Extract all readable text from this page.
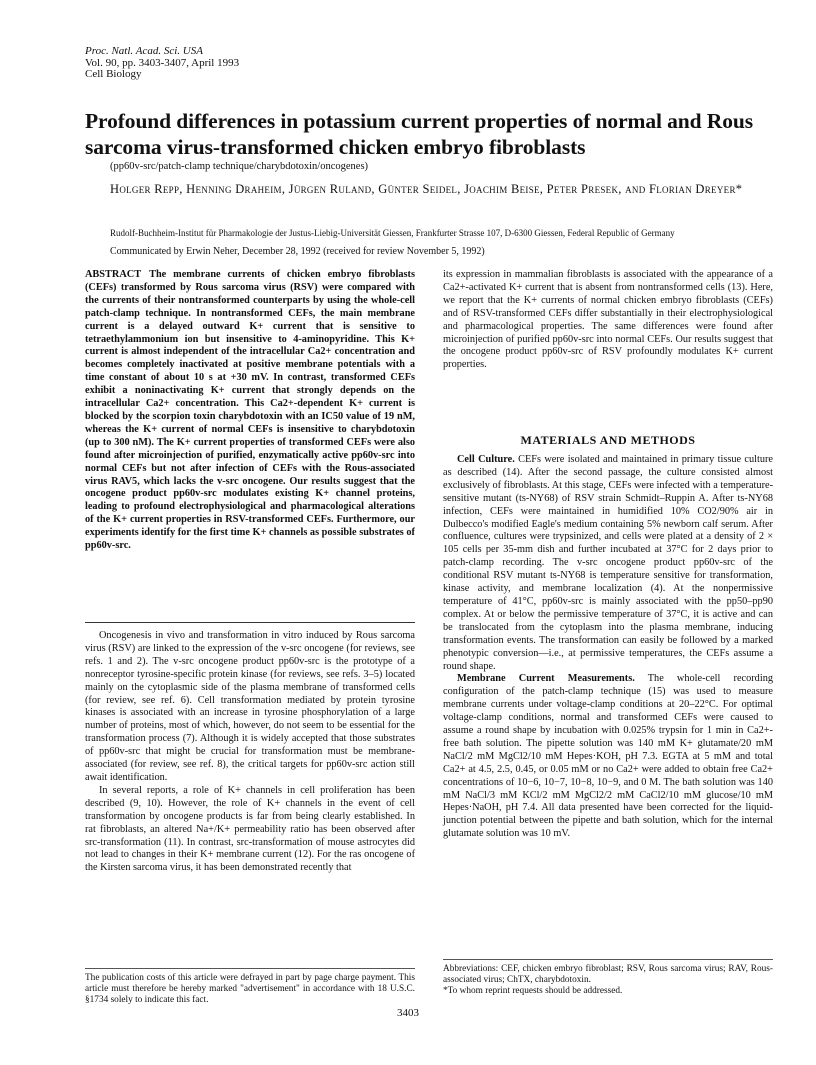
Proc. Natl. Acad. Sci. USA
Vol. 90, pp. 3403-3407, April 1993
Cell Biology
Profound differences in potassium current properties of normal and Rous sarcoma virus-transformed chicken embryo fibroblasts
(pp60v-src/patch-clamp technique/charybdotoxin/oncogenes)
Holger Repp, Henning Draheim, Jürgen Ruland, Günter Seidel, Joachim Beise, Peter Presek, and Florian Dreyer*
Rudolf-Buchheim-Institut für Pharmakologie der Justus-Liebig-Universität Giessen, Frankfurter Strasse 107, D-6300 Giessen, Federal Republic of Germany
Communicated by Erwin Neher, December 28, 1992 (received for review November 5, 1992)
ABSTRACT The membrane currents of chicken embryo fibroblasts (CEFs) transformed by Rous sarcoma virus (RSV) were compared with the currents of their nontransformed counterparts by using the whole-cell patch-clamp technique. In nontransformed CEFs, the main membrane current is a delayed outward K+ current that is sensitive to tetraethylammonium ion but insensitive to 4-aminopyridine. This K+ current is almost independent of the intracellular Ca2+ concentration and becomes completely inactivated at positive membrane potentials with a time constant of about 10 s at +30 mV. In contrast, transformed CEFs exhibit a noninactivating K+ current that strongly depends on the intracellular Ca2+ concentration. This Ca2+-dependent K+ current is blocked by the scorpion toxin charybdotoxin with an IC50 value of 19 nM, whereas the K+ current of normal CEFs is insensitive to charybdotoxin (up to 300 nM). The K+ current properties of transformed CEFs were also found after microinjection of purified, enzymatically active pp60v-src into normal CEFs but not after infection of CEFs with the Rous-associated virus RAV5, which lacks the v-src oncogene. Our results suggest that the oncogene product pp60v-src modulates existing K+ channel proteins, leading to profound electrophysiological and pharmacological alterations of the K+ current properties in RSV-transformed CEFs. Furthermore, our experiments identify for the first time K+ channels as possible substrates of pp60v-src.

Oncogenesis in vivo and transformation in vitro induced by Rous sarcoma virus (RSV) are linked to the expression of the v-src oncogene (for reviews, see refs. 1 and 2). The v-src oncogene product pp60v-src is the prototype of a nonreceptor tyrosine-specific protein kinase (for reviews, see refs. 3–5) located mainly on the cytoplasmic side of the plasma membrane of transformed cells (for review, see ref. 6). Cell transformation mediated by protein tyrosine kinases is associated with an increase in tyrosine phosphorylation of a large number of proteins, most of which, however, do not seem to be essential for the transformation process (7). Although it is widely accepted that those substrates of pp60v-src that might be crucial for transformation must be membrane-associated (for review, see ref. 8), the critical targets for pp60v-src action still await identification.

In several reports, a role of K+ channels in cell proliferation has been described (9, 10). However, the role of K+ channels in the event of cell transformation by oncogene products is far from being clearly established. In rat fibroblasts, an altered Na+/K+ permeability ratio has been observed after src-transformation (11). In contrast, src-transformation of mouse astrocytes did not lead to changes in their K+ membrane current (12). For the ras oncogene of the Kirsten sarcoma virus, it has been demonstrated recently that

The publication costs of this article were defrayed in part by page charge payment. This article must therefore be hereby marked "advertisement" in accordance with 18 U.S.C. §1734 solely to indicate this fact.

its expression in mammalian fibroblasts is associated with the appearance of a Ca2+-activated K+ current that is absent from nontransformed cells (13). Here, we report that the K+ currents of normal chicken embryo fibroblasts (CEFs) and of RSV-transformed CEFs differ substantially in their electrophysiological and pharmacological properties. The same differences were found after microinjection of purified pp60v-src into normal CEFs. Our results suggest that the oncogene product pp60v-src of RSV profoundly modulates K+ current properties.

MATERIALS AND METHODS

Cell Culture. CEFs were isolated and maintained in primary tissue culture as described (14). After the second passage, the culture consisted almost exclusively of fibroblasts. At this stage, CEFs were infected with a temperature-sensitive mutant (ts-NY68) of RSV strain Schmidt–Ruppin A. After ts-NY68 infection, CEFs were maintained in humidified 10% CO2/90% air in Dulbecco's modified Eagle's medium containing 5% newborn calf serum. After confluence, cultures were trypsinized, and cells were plated at a density of 2 × 105 cells per 35-mm dish and further incubated at 37°C for 2 days prior to patch-clamp recording. The v-src oncogene product pp60v-src of the conditional RSV mutant ts-NY68 is temperature sensitive for transformation, kinase activity, and membrane localization (4). At the nonpermissive temperature of 41°C, pp60v-src is mainly associated with the pp50–pp90 complex. At or below the permissive temperature of 37°C, it is active and can be translocated from the cytoplasm into the plasma membrane, inducing transformation events. The transformation can easily be followed by a marked phenotypic conversion—i.e., at permissive temperatures, the CEFs assume a round shape.

Membrane Current Measurements. The whole-cell recording configuration of the patch-clamp technique (15) was used to measure membrane currents under voltage-clamp conditions at 20–22°C. For optimal voltage-clamp conditions, normal and transformed CEFs were caused to assume a round shape by incubation with 0.025% trypsin for 1 min in Ca2+-free bath solution. The pipette solution was 140 mM K+ glutamate/20 mM NaCl/2 mM MgCl2/10 mM Hepes·KOH, pH 7.3. EGTA at 5 mM and total Ca2+ at 4.5, 2.5, 0.45, or 0.05 mM or no Ca2+ were added to obtain free Ca2+ concentrations of 10−6, 10−7, 10−8, 10−9, and 0 M. The bath solution was 140 mM NaCl/3 mM KCl/2 mM MgCl2/2 mM CaCl2/10 mM glucose/10 mM Hepes·NaOH, pH 7.4. All data presented have been corrected for the liquid-junction potential between the pipette and bath solution, which for the internal glutamate solution was 10 mV.

Abbreviations: CEF, chicken embryo fibroblast; RSV, Rous sarcoma virus; RAV, Rous-associated virus; ChTX, charybdotoxin.
*To whom reprint requests should be addressed.
3403
